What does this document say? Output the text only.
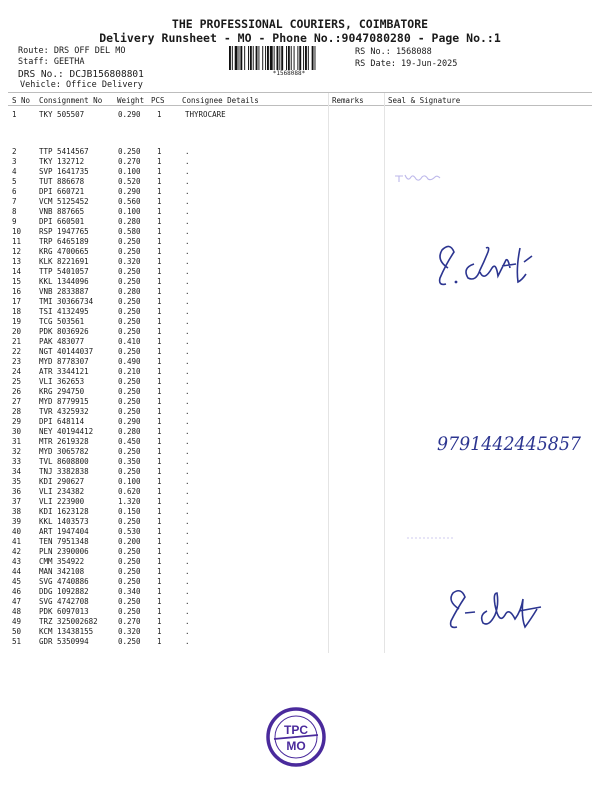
THE PROFESSIONAL COURIERS, COIMBATORE
Delivery Runsheet - MO - Phone No.:9047080280 - Page No.:1
Route: DRS OFF DEL MO
Staff: GEETHA
DRS No.: DCJB156808801
Vehicle: Office Delivery
*1568088*
RS No.: 1568088
RS Date: 19-Jun-2025
S No Consignment No Weight PCS Consignee Details	Remarks	Seal & Signature
1	TKY 505507	0.290 1	THYROCARE
2	TTP 5414567	0.250 1	.
3	TKY 132712	0.270 1	.
4	SVP 1641735	0.100 1	.
5	TUT 886678	0.520 1	.
6	DPI 660721	0.290 1	.
7	VCM 5125452	0.560 1	.
8	VNB 887665	0.100 1	.
9	DPI 660501	0.280 1	.
10 RSP 1947765	0.580 1	.
11 TRP 6465189	0.250 1	.
12 KRG 4700665	0.250 1	.
13 KLK 8221691	0.320 1	.
14 TTP 5401057	0.250 1	.
15 KKL 1344096	0.250 1	.
16 VNB 2833887	0.280 1	.
17 TMI 30366734	0.250 1	.
18 TSI 4132495	0.250 1	.
19 TCG 503561	0.250 1	.
20 PDK 8036926	0.250 1	.
21 PAK 483077	0.410 1	.
22 NGT 40144037	0.250 1	.
23 MYD 8778307	0.490 1	.
24 ATR 3344121	0.210 1	.
25 VLI 362653	0.250 1	.
26 KRG 294750	0.250 1	.
27 MYD 8779915	0.250 1	.
28 TVR 4325932	0.250 1	.
29 DPI 648114	0.290 1	.
30 NEY 40194412	0.280 1	.
31 MTR 2619328	0.450 1	.
32 MYD 3065782	0.250 1	.
33 TVL 8608800	0.350 1	.
34 TNJ 3382838	0.250 1	.
35 KDI 290627	0.100 1	.
36 VLI 234382	0.620 1	.
37 VLI 223900	1.320 1	.
38 KDI 1623128	0.150 1	.
39 KKL 1403573	0.250 1	.
40 ART 1947404	0.530 1	.
41 TEN 7951348	0.200 1	.
42 PLN 2390006	0.250 1	.
43 CMM 354922	0.250 1	.
44 MAN 342108	0.250 1	.
45 SVG 4740886	0.250 1	.
46 DDG 1092882	0.340 1	.
47 SVG 4742708	0.250 1	.
48 PDK 6097013	0.250 1	.
49 TRZ 325002682	0.270 1	.
50 KCM 13438155	0.320 1	.
51 GDR 5350994	0.250 1	.
9791442445857
TPC
MO
